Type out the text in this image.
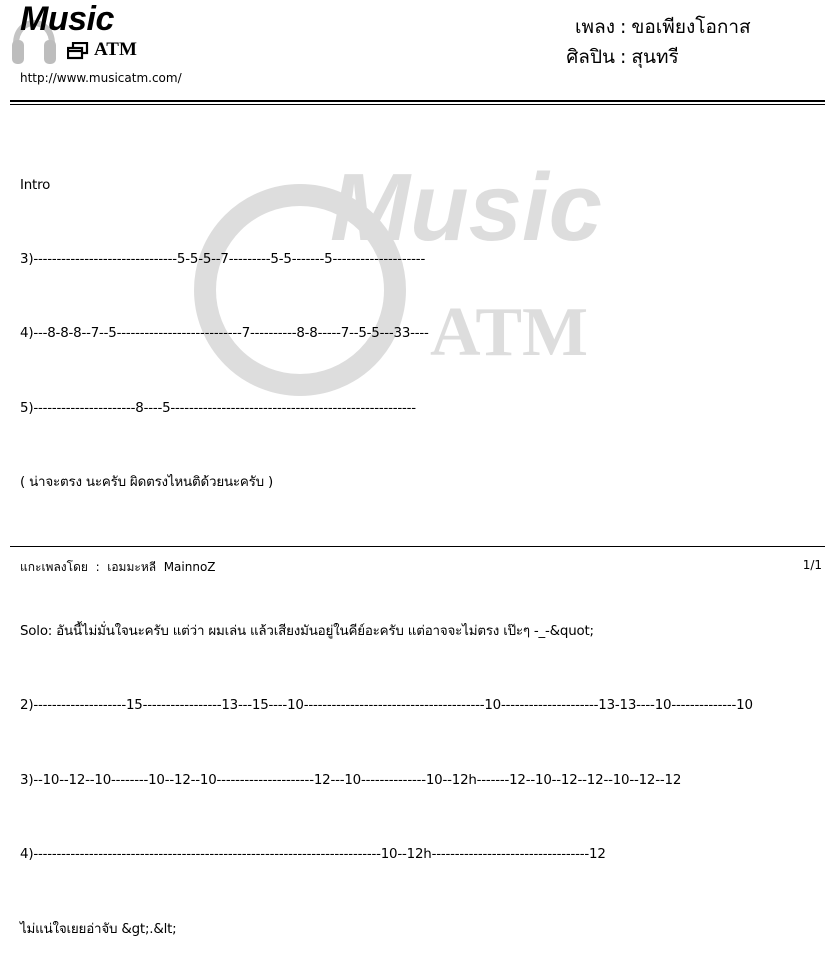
Music
ATM
Music
ATM
http://www.musicatm.com/
เพลง : ขอเพียงโอกาส
ศิลปิน : สุนทรี

Intro

3)-------------------------------5-5-5--7---------5-5-------5--------------------

4)---8-8-8--7--5---------------------------7----------8-8-----7--5-5---33----

5)----------------------8----5-----------------------------------------------------

( น่าจะตรง นะครับ ผิดตรงไหนติด้วยนะครับ )

Solo: อันนี้ไม่มั่นใจนะครับ แต่ว่า ผมเล่น แล้วเสียงมันอยู่ในคีย์อะครับ แต่อาจจะไม่ตรง เป๊ะๆ -_-&quot;

2)--------------------15-----------------13---15----10---------------------------------------10---------------------13-13----10--------------10

3)--10--12--10--------10--12--10---------------------12---10--------------10--12h-------12--10--12--12--10--12--12

4)---------------------------------------------------------------------------10--12h----------------------------------12

ไม่แน่ใจเยยอ่าจับ &gt;.&lt;

แกะเพลงโดย  :  เอมมะหลี  MainnoZ	1/1
